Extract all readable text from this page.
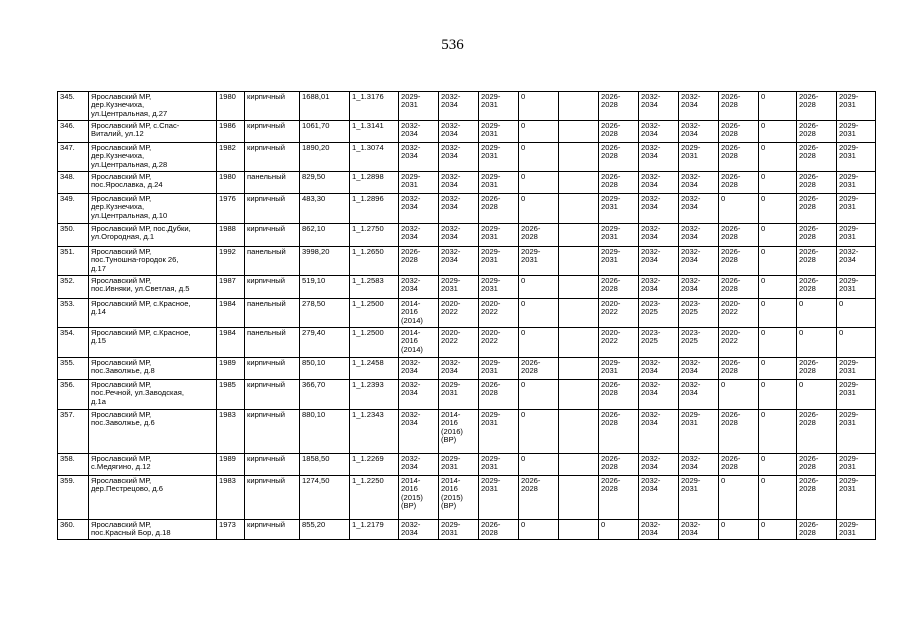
536
345.	Ярославский МР,
дер.Кузнечиха,
ул.Центральная, д.27	1980	кирпичный	1688,01	1_1.3176	2029-
2031	2032-
2034	2029-
2031	0		2026-
2028	2032-
2034	2032-
2034	2026-
2028	0	2026-
2028	2029-
2031
346.	Ярославский МР, с.Спас-
Виталий, ул.12	1986	кирпичный	1061,70	1_1.3141	2032-
2034	2032-
2034	2029-
2031	0		2026-
2028	2032-
2034	2032-
2034	2026-
2028	0	2026-
2028	2029-
2031
347.	Ярославский МР,
дер.Кузнечиха,
ул.Центральная, д.28	1982	кирпичный	1890,20	1_1.3074	2032-
2034	2032-
2034	2029-
2031	0		2026-
2028	2032-
2034	2029-
2031	2026-
2028	0	2026-
2028	2029-
2031
348.	Ярославский МР,
пос.Ярославка, д.24	1980	панельный	829,50	1_1.2898	2029-
2031	2032-
2034	2029-
2031	0		2026-
2028	2032-
2034	2032-
2034	2026-
2028	0	2026-
2028	2029-
2031
349.	Ярославский МР,
дер.Кузнечиха,
ул.Центральная, д.10	1976	кирпичный	483,30	1_1.2896	2032-
2034	2032-
2034	2026-
2028	0		2029-
2031	2032-
2034	2032-
2034	0	0	2026-
2028	2029-
2031
350.	Ярославский МР, пос.Дубки,
ул.Огородная, д.1	1988	кирпичный	862,10	1_1.2750	2032-
2034	2032-
2034	2029-
2031	2026-
2028		2029-
2031	2032-
2034	2032-
2034	2026-
2028	0	2026-
2028	2029-
2031
351.	Ярославский МР,
пос.Туношна-городок 26,
д.17	1992	панельный	3998,20	1_1.2650	2026-
2028	2032-
2034	2029-
2031	2029-
2031		2029-
2031	2032-
2034	2032-
2034	2026-
2028	0	2026-
2028	2032-
2034
352.	Ярославский МР,
пос.Ивняки, ул.Светлая, д.5	1987	кирпичный	519,10	1_1.2583	2032-
2034	2029-
2031	2029-
2031	0		2026-
2028	2032-
2034	2032-
2034	2026-
2028	0	2026-
2028	2029-
2031
353.	Ярославский МР, с.Красное,
д.14	1984	панельный	278,50	1_1.2500	2014-
2016
(2014)	2020-
2022	2020-
2022	0		2020-
2022	2023-
2025	2023-
2025	2020-
2022	0	0	0
354.	Ярославский МР, с.Красное,
д.15	1984	панельный	279,40	1_1.2500	2014-
2016
(2014)	2020-
2022	2020-
2022	0		2020-
2022	2023-
2025	2023-
2025	2020-
2022	0	0	0
355.	Ярославский МР,
пос.Заволжье, д.8	1989	кирпичный	850,10	1_1.2458	2032-
2034	2032-
2034	2029-
2031	2026-
2028		2029-
2031	2032-
2034	2032-
2034	2026-
2028	0	2026-
2028	2029-
2031
356.	Ярославский МР,
пос.Речной, ул.Заводская,
д.1а	1985	кирпичный	366,70	1_1.2393	2032-
2034	2029-
2031	2026-
2028	0		2026-
2028	2032-
2034	2032-
2034	0	0	0	2029-
2031
357.	Ярославский МР,
пос.Заволжье, д.6	1983	кирпичный	880,10	1_1.2343	2032-
2034	2014-
2016
(2016)
(ВР)	2029-
2031	0		2026-
2028	2032-
2034	2029-
2031	2026-
2028	0	2026-
2028	2029-
2031
358.	Ярославский МР,
с.Медягино, д.12	1989	кирпичный	1858,50	1_1.2269	2032-
2034	2029-
2031	2029-
2031	0		2026-
2028	2032-
2034	2032-
2034	2026-
2028	0	2026-
2028	2029-
2031
359.	Ярославский МР,
дер.Пестрецово, д.6	1983	кирпичный	1274,50	1_1.2250	2014-
2016
(2015)
(ВР)	2014-
2016
(2015)
(ВР)	2029-
2031	2026-
2028		2026-
2028	2032-
2034	2029-
2031	0	0	2026-
2028	2029-
2031
360.	Ярославский МР,
пос.Красный Бор, д.18	1973	кирпичный	855,20	1_1.2179	2032-
2034	2029-
2031	2026-
2028	0		0	2032-
2034	2032-
2034	0	0	2026-
2028	2029-
2031
